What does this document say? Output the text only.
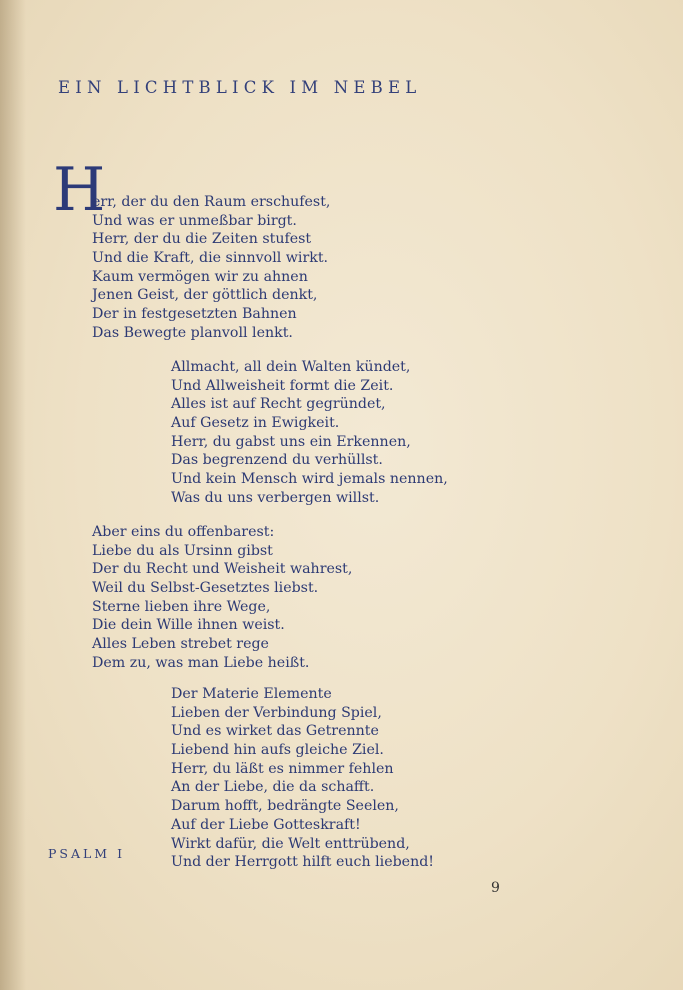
EIN LICHTBLICK IM NEBEL
H
err, der du den Raum erschufest,
Und was er unmeßbar birgt.
Herr, der du die Zeiten stufest
Und die Kraft, die sinnvoll wirkt.
Kaum vermögen wir zu ahnen
Jenen Geist, der göttlich denkt,
Der in festgesetzten Bahnen
Das Bewegte planvoll lenkt.
Allmacht, all dein Walten kündet,
Und Allweisheit formt die Zeit.
Alles ist auf Recht gegründet,
Auf Gesetz in Ewigkeit.
Herr, du gabst uns ein Erkennen,
Das begrenzend du verhüllst.
Und kein Mensch wird jemals nennen,
Was du uns verbergen willst.
Aber eins du offenbarest:
Liebe du als Ursinn gibst
Der du Recht und Weisheit wahrest,
Weil du Selbst-Gesetztes liebst.
Sterne lieben ihre Wege,
Die dein Wille ihnen weist.
Alles Leben strebet rege
Dem zu, was man Liebe heißt.
Der Materie Elemente
Lieben der Verbindung Spiel,
Und es wirket das Getrennte
Liebend hin aufs gleiche Ziel.
Herr, du läßt es nimmer fehlen
An der Liebe, die da schafft.
Darum hofft, bedrängte Seelen,
Auf der Liebe Gotteskraft!
Wirkt dafür, die Welt enttrübend,
Und der Herrgott hilft euch liebend!
PSALM I
9
